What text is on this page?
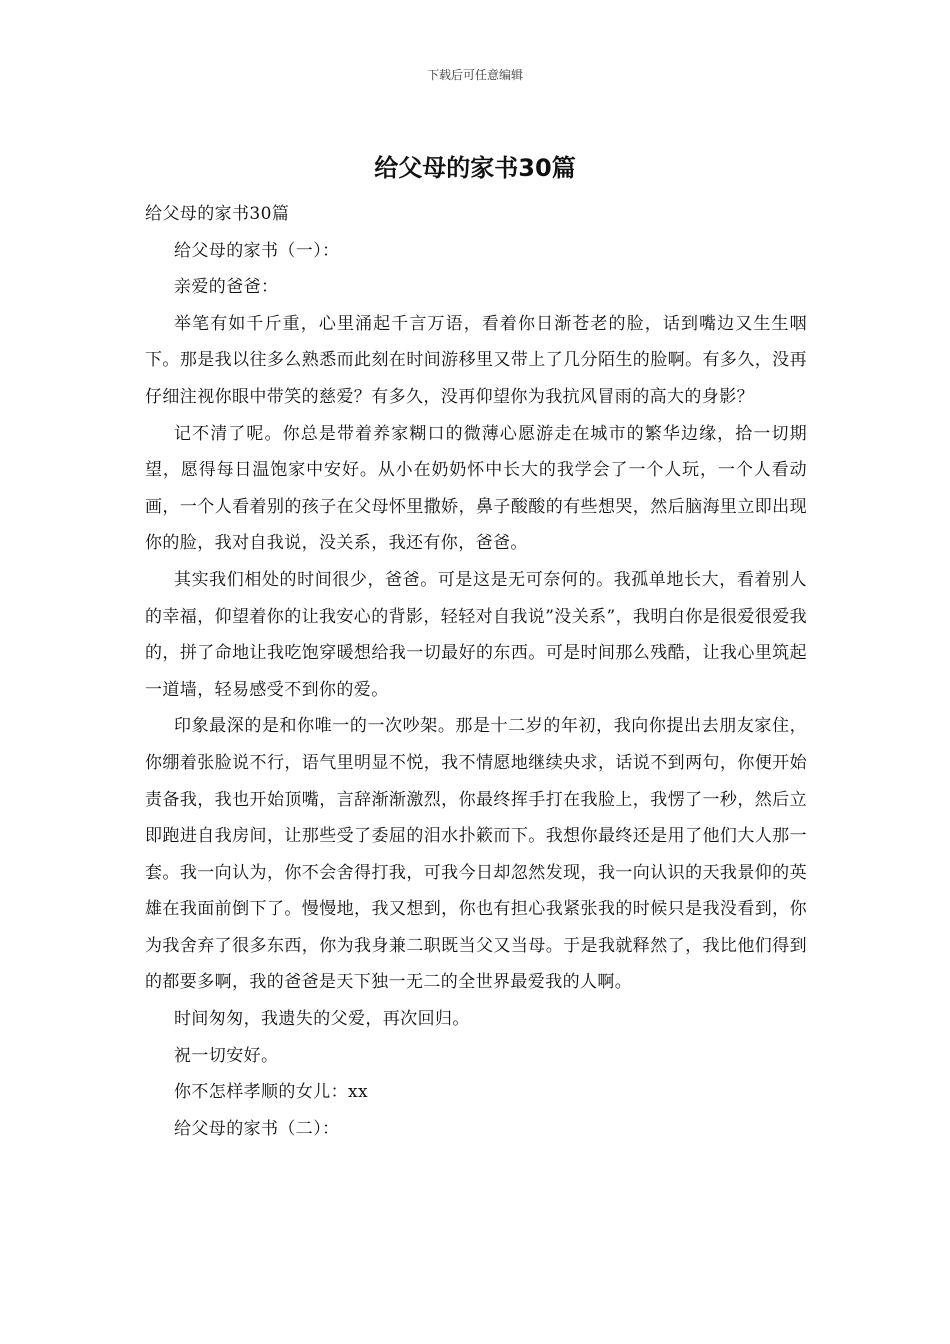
下载后可任意编辑
给父母的家书30篇

给父母的家书30篇

给父母的家书（一）：

亲爱的爸爸：

举笔有如千斤重，心里涌起千言万语，看着你日渐苍老的脸，话到嘴边又生生咽下。那是我以往多么熟悉而此刻在时间游移里又带上了几分陌生的脸啊。有多久，没再仔细注视你眼中带笑的慈爱？有多久，没再仰望你为我抗风冒雨的高大的身影？

记不清了呢。你总是带着养家糊口的微薄心愿游走在城市的繁华边缘，拾一切期望，愿得每日温饱家中安好。从小在奶奶怀中长大的我学会了一个人玩，一个人看动画，一个人看着别的孩子在父母怀里撒娇，鼻子酸酸的有些想哭，然后脑海里立即出现你的脸，我对自我说，没关系，我还有你，爸爸。

其实我们相处的时间很少，爸爸。可是这是无可奈何的。我孤单地长大，看着别人的幸福，仰望着你的让我安心的背影，轻轻对自我说”没关系”，我明白你是很爱很爱我的，拼了命地让我吃饱穿暖想给我一切最好的东西。可是时间那么残酷，让我心里筑起一道墙，轻易感受不到你的爱。

印象最深的是和你唯一的一次吵架。那是十二岁的年初，我向你提出去朋友家住，你绷着张脸说不行，语气里明显不悦，我不情愿地继续央求，话说不到两句，你便开始责备我，我也开始顶嘴，言辞渐渐激烈，你最终挥手打在我脸上，我愣了一秒，然后立即跑进自我房间，让那些受了委屈的泪水扑簌而下。我想你最终还是用了他们大人那一套。我一向认为，你不会舍得打我，可我今日却忽然发现，我一向认识的天我景仰的英雄在我面前倒下了。慢慢地，我又想到，你也有担心我紧张我的时候只是我没看到，你为我舍弃了很多东西，你为我身兼二职既当父又当母。于是我就释然了，我比他们得到的都要多啊，我的爸爸是天下独一无二的全世界最爱我的人啊。

时间匆匆，我遗失的父爱，再次回归。

祝一切安好。

你不怎样孝顺的女儿：xx

给父母的家书（二）：
